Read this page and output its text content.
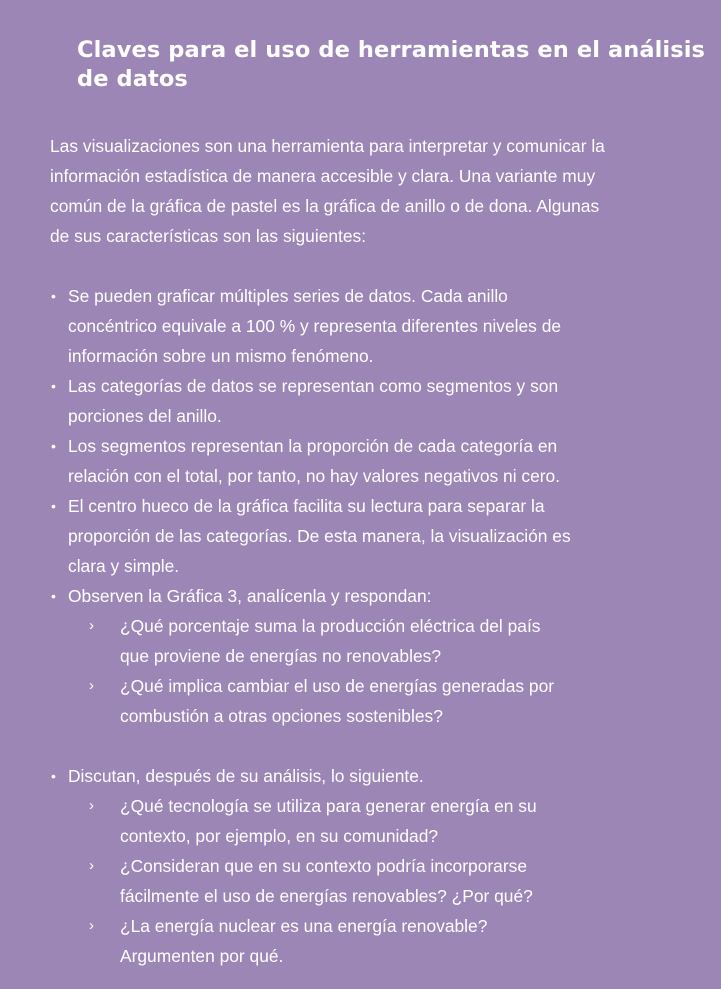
Claves para el uso de herramientas en el análisis
de datos

Las visualizaciones son una herramienta para interpretar y comunicar la
información estadística de manera accesible y clara. Una variante muy
común de la gráfica de pastel es la gráfica de anillo o de dona. Algunas
de sus características son las siguientes:

• Se pueden graficar múltiples series de datos. Cada anillo
concéntrico equivale a 100 % y representa diferentes niveles de
información sobre un mismo fenómeno.
• Las categorías de datos se representan como segmentos y son
porciones del anillo.
• Los segmentos representan la proporción de cada categoría en
relación con el total, por tanto, no hay valores negativos ni cero.
• El centro hueco de la gráfica facilita su lectura para separar la
proporción de las categorías. De esta manera, la visualización es
clara y simple.
• Observen la Gráfica 3, analícenla y respondan:
› ¿Qué porcentaje suma la producción eléctrica del país
que proviene de energías no renovables?
› ¿Qué implica cambiar el uso de energías generadas por
combustión a otras opciones sostenibles?
• Discutan, después de su análisis, lo siguiente.
› ¿Qué tecnología se utiliza para generar energía en su
contexto, por ejemplo, en su comunidad?
› ¿Consideran que en su contexto podría incorporarse
fácilmente el uso de energías renovables? ¿Por qué?
› ¿La energía nuclear es una energía renovable?
Argumenten por qué.
